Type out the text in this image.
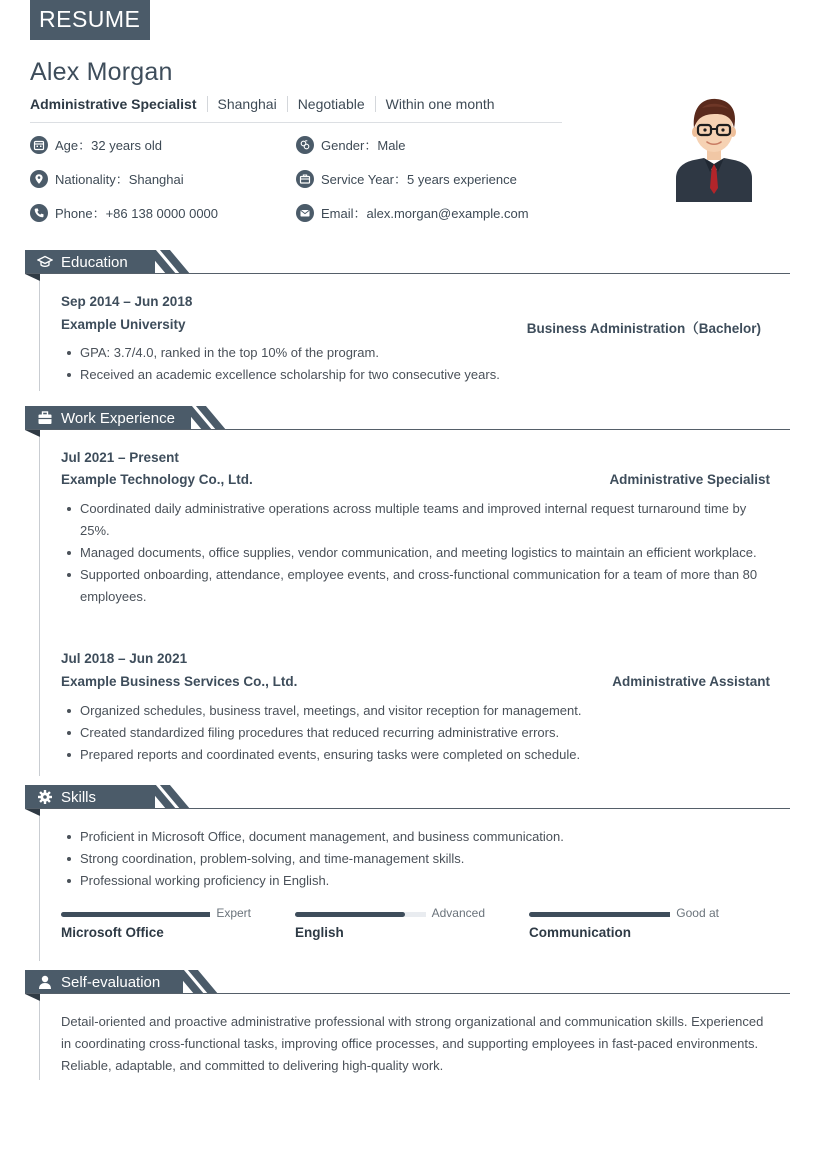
RESUME
Alex Morgan
Administrative Specialist	Shanghai	Negotiable	Within one month
Age：32 years old	Gender：Male
Nationality：Shanghai	Service Year：5 years experience
Phone：+86 138 0000 0000	Email：alex.morgan@example.com
Education
Sep 2014 – Jun 2018
Example University	Business Administration（Bachelor)
GPA: 3.7/4.0, ranked in the top 10% of the program.
Received an academic excellence scholarship for two consecutive years.
Work Experience
Jul 2021 – Present
Example Technology Co., Ltd.	Administrative Specialist
Coordinated daily administrative operations across multiple teams and improved internal request turnaround time by 25%.
Managed documents, office supplies, vendor communication, and meeting logistics to maintain an efficient workplace.
Supported onboarding, attendance, employee events, and cross-functional communication for a team of more than 80 employees.
Jul 2018 – Jun 2021
Example Business Services Co., Ltd.	Administrative Assistant
Organized schedules, business travel, meetings, and visitor reception for management.
Created standardized filing procedures that reduced recurring administrative errors.
Prepared reports and coordinated events, ensuring tasks were completed on schedule.
Skills
Proficient in Microsoft Office, document management, and business communication.
Strong coordination, problem-solving, and time-management skills.
Professional working proficiency in English.
Expert
Microsoft Office
Advanced
English
Good at
Communication
Self-evaluation
Detail-oriented and proactive administrative professional with strong organizational and communication skills. Experienced in coordinating cross-functional tasks, improving office processes, and supporting employees in fast-paced environments. Reliable, adaptable, and committed to delivering high-quality work.
